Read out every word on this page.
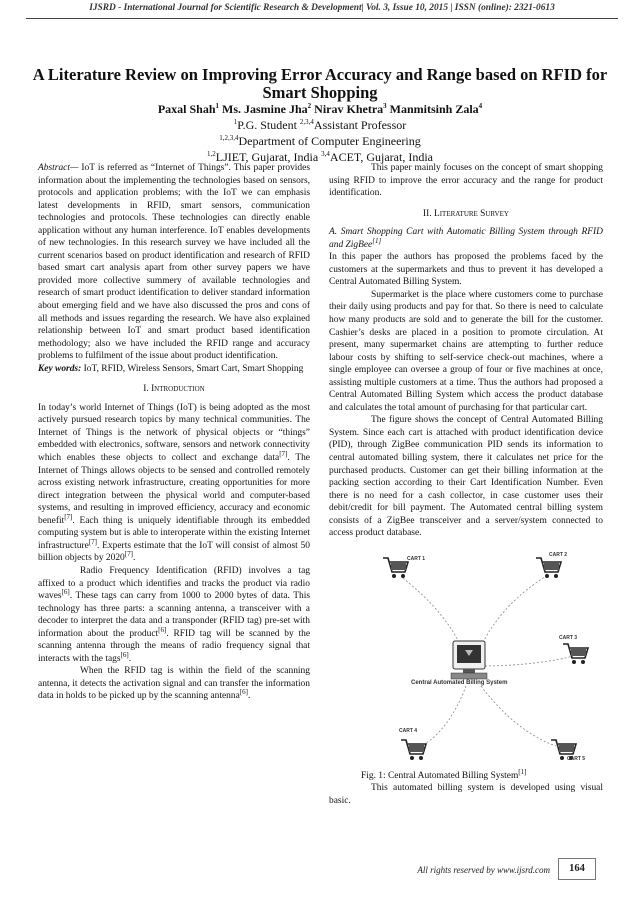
IJSRD - International Journal for Scientific Research & Development| Vol. 3, Issue 10, 2015 | ISSN (online): 2321-0613
A Literature Review on Improving Error Accuracy and Range based on RFID for Smart Shopping
Paxal Shah$^1$ Ms. Jasmine Jha$^2$ Nirav Khetra$^3$ Manmitsinh Zala$^4$
$^1$P.G. Student $^{2,3,4}$Assistant Professor
$^{1,2,3,4}$Department of Computer Engineering
$^{1,2}$LJIET, Gujarat, India $^{3,4}$ACET, Gujarat, India

Abstract— IoT is referred as “Internet of Things”. This paper provides information about the implementing the technologies based on sensors, protocols and application problems; with the IoT we can emphasis latest developments in RFID, smart sensors, communication technologies and protocols. These technologies can directly enable application without any human interference. IoT enables developments of new technologies. In this research survey we have included all the current scenarios based on product identification and research of RFID based smart cart analysis apart from other survey papers we have provided more collective summery of available technologies and research of smart product identification to deliver standard information about emerging field and we have also discussed the pros and cons of all methods and issues regarding the research. We have also explained relationship between IoT and smart product based identification methodology; also we have included the RFID range and accuracy problems to fulfilment of the issue about product identification.

Key words: IoT, RFID, Wireless Sensors, Smart Cart, Smart Shopping

I. Introduction

In today’s world Internet of Things (IoT) is being adopted as the most actively pursued research topics by many technical communities. The Internet of Things is the network of physical objects or “things” embedded with electronics, software, sensors and network connectivity which enables these objects to collect and exchange data[7]. The Internet of Things allows objects to be sensed and controlled remotely across existing network infrastructure, creating opportunities for more direct integration between the physical world and computer-based systems, and resulting in improved efficiency, accuracy and economic benefit[7]. Each thing is uniquely identifiable through its embedded computing system but is able to interoperate within the existing Internet infrastructure[7]. Experts estimate that the IoT will consist of almost 50 billion objects by 2020[7].

Radio Frequency Identification (RFID) involves a tag affixed to a product which identifies and tracks the product via radio waves[6]. These tags can carry from 1000 to 2000 bytes of data. This technology has three parts: a scanning antenna, a transceiver with a decoder to interpret the data and a transponder (RFID tag) pre-set with information about the product[6]. RFID tag will be scanned by the scanning antenna through the means of radio frequency signal that interacts with the tags[6].

When the RFID tag is within the field of the scanning antenna, it detects the activation signal and can transfer the information data in holds to be picked up by the scanning antenna[6].

This paper mainly focuses on the concept of smart shopping using RFID to improve the error accuracy and the range for product identification.

II. Literature Survey

A. Smart Shopping Cart with Automatic Billing System through RFID and ZigBee[1]

In this paper the authors has proposed the problems faced by the customers at the supermarkets and thus to prevent it has developed a Central Automated Billing System.

Supermarket is the place where customers come to purchase their daily using products and pay for that. So there is need to calculate how many products are sold and to generate the bill for the customer. Cashier’s desks are placed in a position to promote circulation. At present, many supermarket chains are attempting to further reduce labour costs by shifting to self-service check-out machines, where a single employee can oversee a group of four or five machines at once, assisting multiple customers at a time. Thus the authors had proposed a Central Automated Billing System which access the product database and calculates the total amount of purchasing for that particular cart.

The figure shows the concept of Central Automated Billing System. Since each cart is attached with product identification device (PID), through ZigBee communication PID sends its information to central automated billing system, there it calculates net price for the purchased products. Customer can get their billing information at the packing section according to their Cart Identification Number. Even there is no need for a cash collector, in case customer uses their debit/credit for bill payment. The Automated central billing system consists of a ZigBee transceiver and a server/system connected to access product database.

Central Automated Billing System
CART 1
CART 2
CART 3
CART 4
CART 5

Fig. 1: Central Automated Billing System[1]

This automated billing system is developed using visual basic.

All rights reserved by www.ijsrd.com	164
